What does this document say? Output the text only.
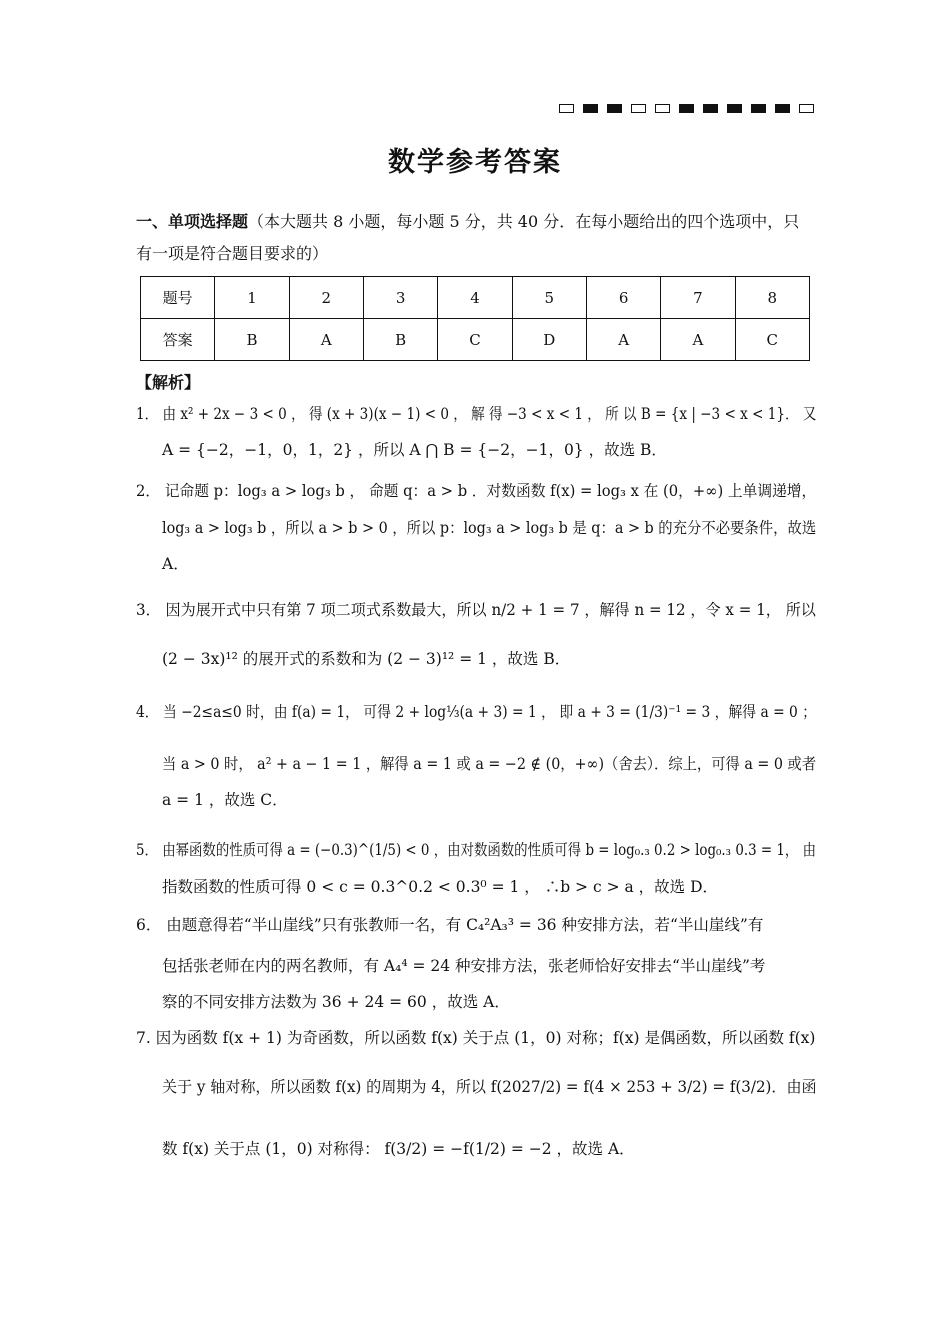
数学参考答案
一、单项选择题（本大题共 8 小题，每小题 5 分，共 40 分．在每小题给出的四个选项中，只
有一项是符合题目要求的）
题号	1	2	3	4	5	6	7	8
答案	B	A	B	C	D	A	A	C
【解析】
1． 由 x² + 2x − 3 < 0 ， 得 (x + 3)(x − 1) < 0 ， 解 得 −3 < x < 1 ， 所 以 B = {x | −3 < x < 1}． 又
A = {−2，−1，0，1，2} ，所以 A ⋂ B = {−2，−1，0} ，故选 B．
2． 记命题 p：log₃ a > log₃ b ， 命题 q：a > b ．对数函数 f(x) = log₃ x 在 (0，+∞) 上单调递增，
log₃ a > log₃ b ，所以 a > b > 0 ，所以 p：log₃ a > log₃ b 是 q：a > b 的充分不必要条件，故选
A．
3． 因为展开式中只有第 7 项二项式系数最大，所以 n/2 + 1 = 7 ，解得 n = 12 ，令 x = 1， 所以
(2 − 3x)¹² 的展开式的系数和为 (2 − 3)¹² = 1 ，故选 B．
4． 当 −2≤a≤0 时，由 f(a) = 1， 可得 2 + log⅓(a + 3) = 1 ， 即 a + 3 = (1/3)⁻¹ = 3 ，解得 a = 0 ；
当 a > 0 时， a² + a − 1 = 1 ，解得 a = 1 或 a = −2 ∉ (0，+∞)（舍去）．综上，可得 a = 0 或者
a = 1 ，故选 C．
5． 由幂函数的性质可得 a = (−0.3)^(1/5) < 0 ，由对数函数的性质可得 b = log₀.₃ 0.2 > log₀.₃ 0.3 = 1， 由
指数函数的性质可得 0 < c = 0.3^0.2 < 0.3⁰ = 1 ， ∴b > c > a ，故选 D．
6． 由题意得若“半山崖线”只有张教师一名，有 C₄²A₃³ = 36 种安排方法，若“半山崖线”有
包括张老师在内的两名教师，有 A₄⁴ = 24 种安排方法，张老师恰好安排去“半山崖线”考
察的不同安排方法数为 36 + 24 = 60 ，故选 A．
7. 因为函数 f(x + 1) 为奇函数，所以函数 f(x) 关于点 (1，0) 对称；f(x) 是偶函数，所以函数 f(x)
关于 y 轴对称，所以函数 f(x) 的周期为 4，所以 f(2027/2) = f(4 × 253 + 3/2) = f(3/2)．由函
数 f(x) 关于点 (1，0) 对称得： f(3/2) = −f(1/2) = −2 ，故选 A．
